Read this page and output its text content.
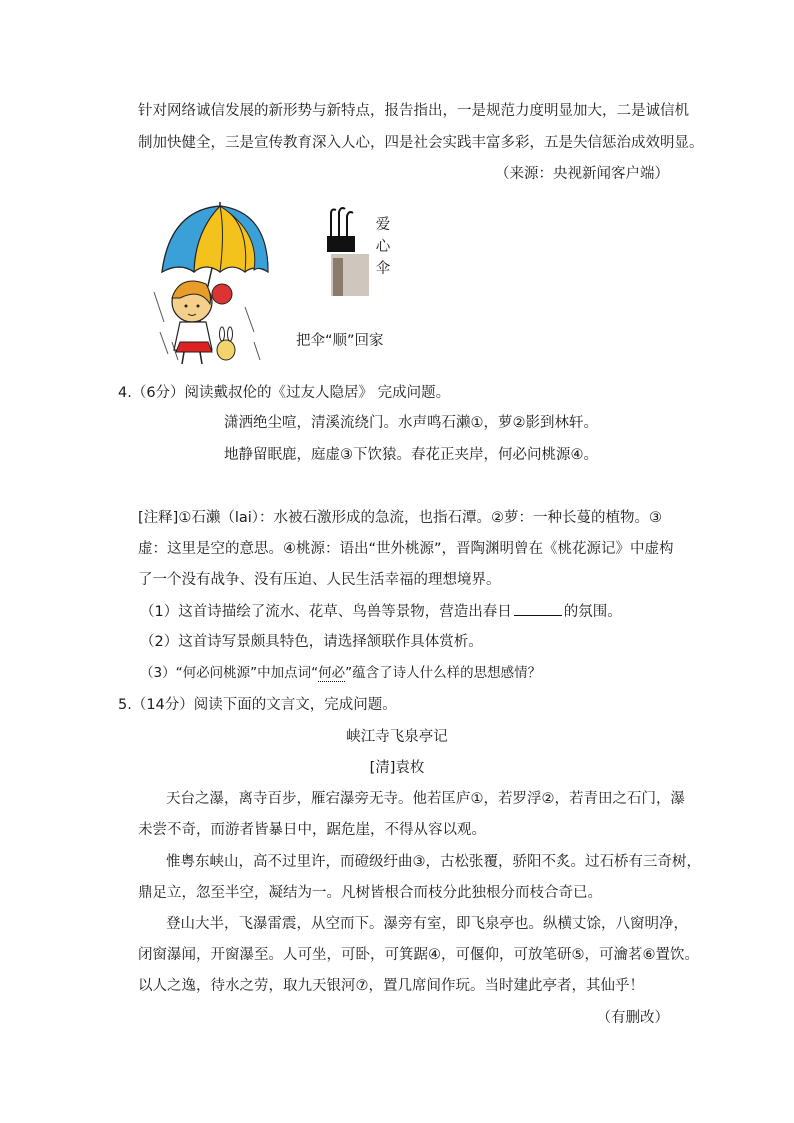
针对网络诚信发展的新形势与新特点，报告指出，一是规范力度明显加大，二是诚信机
制加快健全，三是宣传教育深入人心，四是社会实践丰富多彩，五是失信惩治成效明显。
（来源：央视新闻客户端）
爱
心
伞
把伞“顺”回家
4.（6分）阅读戴叔伦的《过友人隐居》 完成问题。
潇洒绝尘喧，清溪流绕门。水声鸣石濑①，萝②影到林轩。
地静留眠鹿，庭虚③下饮猿。春花正夹岸，何必问桃源④。
[注释]①石濑（lai）：水被石激形成的急流，也指石潭。②萝：一种长蔓的植物。③
虚：这里是空的意思。④桃源：语出“世外桃源”，晋陶渊明曾在《桃花源记》中虚构
了一个没有战争、没有压迫、人民生活幸福的理想境界。
（1）这首诗描绘了流水、花草、鸟兽等景物，营造出春日	的氛围。
（2）这首诗写景颇具特色，请选择颔联作具体赏析。
（3）“何必问桃源”中加点词“何必”蕴含了诗人什么样的思想感情？
5.（14分）阅读下面的文言文，完成问题。
峡江寺飞泉亭记
[清]袁枚
天台之瀑，离寺百步，雁宕瀑旁无寺。他若匡庐①，若罗浮②，若青田之石门，瀑
未尝不奇，而游者皆暴日中，踞危崖，不得从容以观。
惟粤东峡山，高不过里许，而磴级纡曲③，古松张覆，骄阳不炙。过石桥有三奇树，
鼎足立，忽至半空，凝结为一。凡树皆根合而枝分此独根分而枝合奇已。
登山大半，飞瀑雷震，从空而下。瀑旁有室，即飞泉亭也。纵横丈馀，八窗明净，
闭窗瀑闻，开窗瀑至。人可坐，可卧，可箕踞④，可偃仰，可放笔研⑤，可瀹茗⑥置饮。
以人之逸，待水之劳，取九天银河⑦，置几席间作玩。当时建此亭者，其仙乎！
（有删改）
